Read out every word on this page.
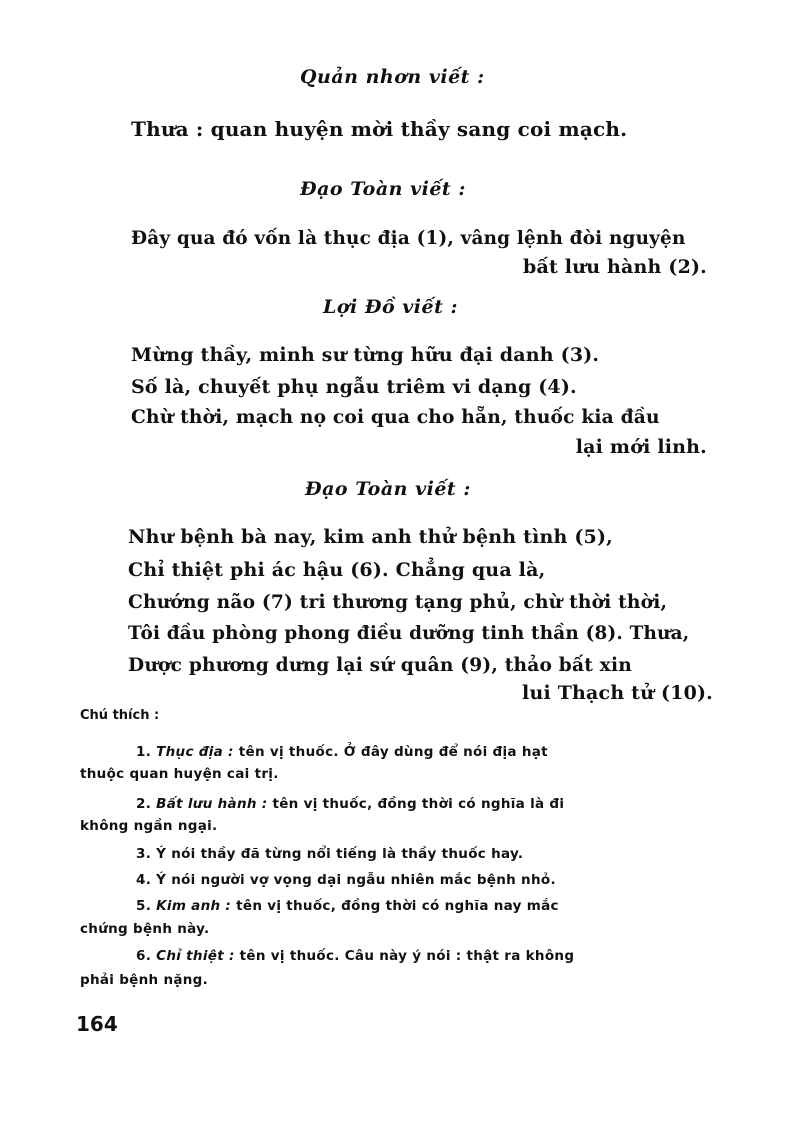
Quản nhơn viết :
Thưa : quan huyện mời thầy sang coi mạch.
Đạo Toàn viết :
Đây qua đó vốn là thục địa (1), vâng lệnh đòi nguyện
bất lưu hành (2).
Lợi Đồ viết :
Mừng thầy, minh sư từng hữu đại danh (3).
Số là, chuyết phụ ngẫu triêm vi dạng (4).
Chừ thời, mạch nọ coi qua cho hẵn, thuốc kia đầu
lại mới linh.
Đạo Toàn viết :
Như bệnh bà nay, kim anh thử bệnh tình (5),
Chỉ thiệt phi ác hậu (6). Chẳng qua là,
Chướng não (7) tri thương tạng phủ, chừ thời thời,
Tôi đầu phòng phong điều dưỡng tinh thần (8). Thưa,
Dược phương dưng lại sứ quân (9), thảo bất xin
lui Thạch tử (10).
Chú thích :
1. Thục địa : tên vị thuốc. Ở đây dùng để nói địa hạt
thuộc quan huyện cai trị.
2. Bất lưu hành : tên vị thuốc, đồng thời có nghĩa là đi
không ngần ngại.
3. Ý nói thầy đã từng nổi tiếng là thầy thuốc hay.
4. Ý nói người vợ vọng dại ngẫu nhiên mắc bệnh nhỏ.
5. Kim anh : tên vị thuốc, đồng thời có nghĩa nay mắc
chứng bệnh này.
6. Chỉ thiệt : tên vị thuốc. Câu này ý nói : thật ra không
phải bệnh nặng.
164
